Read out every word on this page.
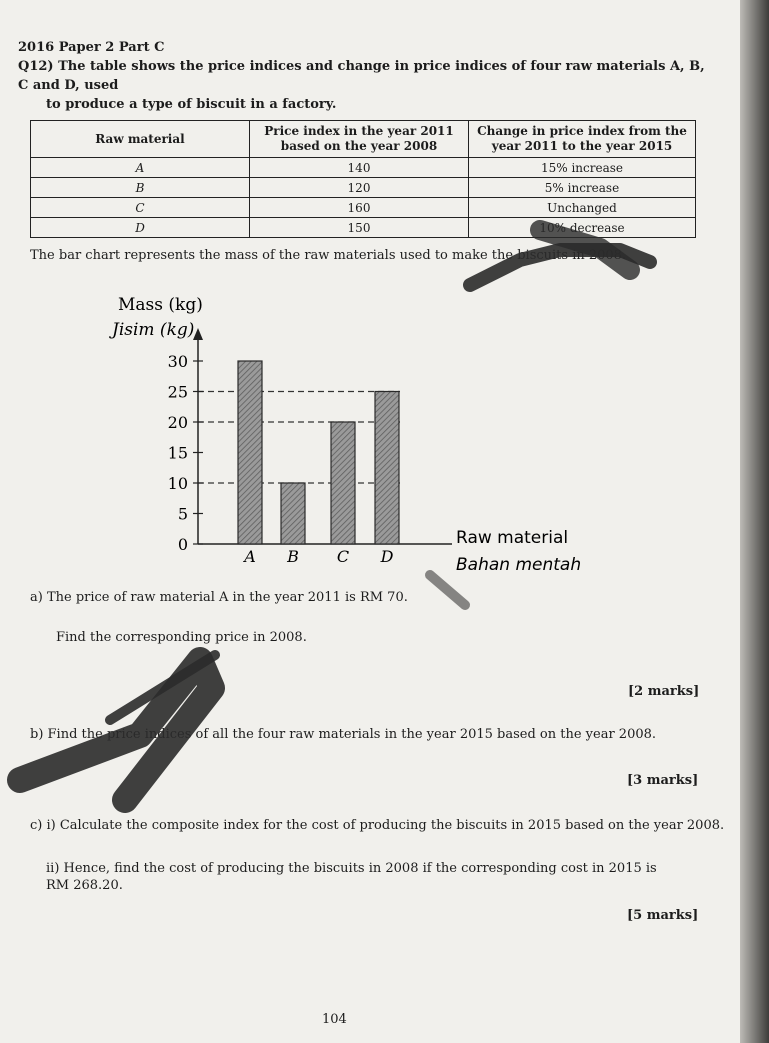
2016 Paper 2 Part C
Q12) The table shows the price indices and change in price indices of four raw materials A, B, C and D, used
to produce a type of biscuit in a factory.
Raw material	Price index in the year 2011 based on the year 2008	Change in price index from the year 2011 to the year 2015
A	140	15% increase
B	120	5% increase
C	160	Unchanged
D	150	10% decrease
The bar chart represents the mass of the raw materials used to make the biscuits in 2008.
Mass (kg)
Jisim (kg)
0
5
10
15
20
25
30
A B C D
Raw material
Bahan mentah
a) The price of raw material A in the year 2011 is RM 70.
Find the corresponding price in 2008.
[2 marks]
b) Find the price indices of all the four raw materials in the year 2015 based on the year 2008.
[3 marks]
c) i) Calculate the composite index for the cost of producing the biscuits in 2015 based on the year 2008.
ii) Hence, find the cost of producing the biscuits in 2008 if the corresponding cost in 2015 is
RM 268.20.
[5 marks]
104
